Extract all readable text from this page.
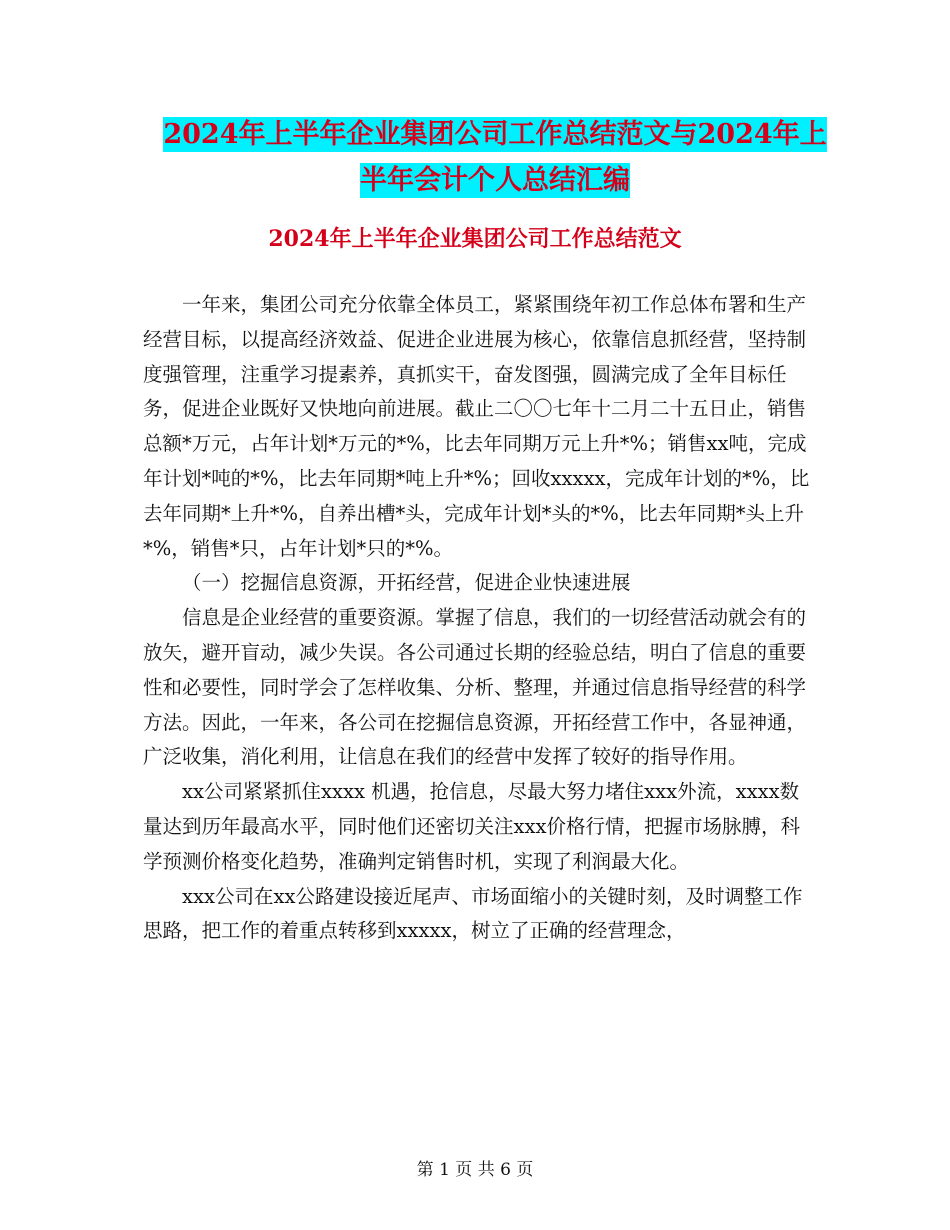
2024年上半年企业集团公司工作总结范文与2024年上
半年会计个人总结汇编
2024年上半年企业集团公司工作总结范文

一年来，集团公司充分依靠全体员工，紧紧围绕年初工作总体布署和生产经营目标，以提高经济效益、促进企业进展为核心，依靠信息抓经营，坚持制度强管理，注重学习提素养，真抓实干，奋发图强，圆满完成了全年目标任务，促进企业既好又快地向前进展。截止二〇〇七年十二月二十五日止，销售总额*万元，占年计划*万元的*%，比去年同期万元上升*%；销售xx吨，完成年计划*吨的*%，比去年同期*吨上升*%；回收xxxxx，完成年计划的*%，比去年同期*上升*%，自养出槽*头，完成年计划*头的*%，比去年同期*头上升*%，销售*只，占年计划*只的*%。

（一）挖掘信息资源，开拓经营，促进企业快速进展

信息是企业经营的重要资源。掌握了信息，我们的一切经营活动就会有的放矢，避开盲动，减少失误。各公司通过长期的经验总结，明白了信息的重要性和必要性，同时学会了怎样收集、分析、整理，并通过信息指导经营的科学方法。因此，一年来，各公司在挖掘信息资源，开拓经营工作中，各显神通，广泛收集，消化利用，让信息在我们的经营中发挥了较好的指导作用。

xx公司紧紧抓住xxxx 机遇，抢信息，尽最大努力堵住xxx外流，xxxx数量达到历年最高水平，同时他们还密切关注xxx价格行情，把握市场脉膊，科学预测价格变化趋势，准确判定销售时机，实现了利润最大化。

xxx公司在xx公路建设接近尾声、市场面缩小的关键时刻，及时调整工作思路，把工作的着重点转移到xxxxx，树立了正确的经营理念，

第 1 页 共 6 页
